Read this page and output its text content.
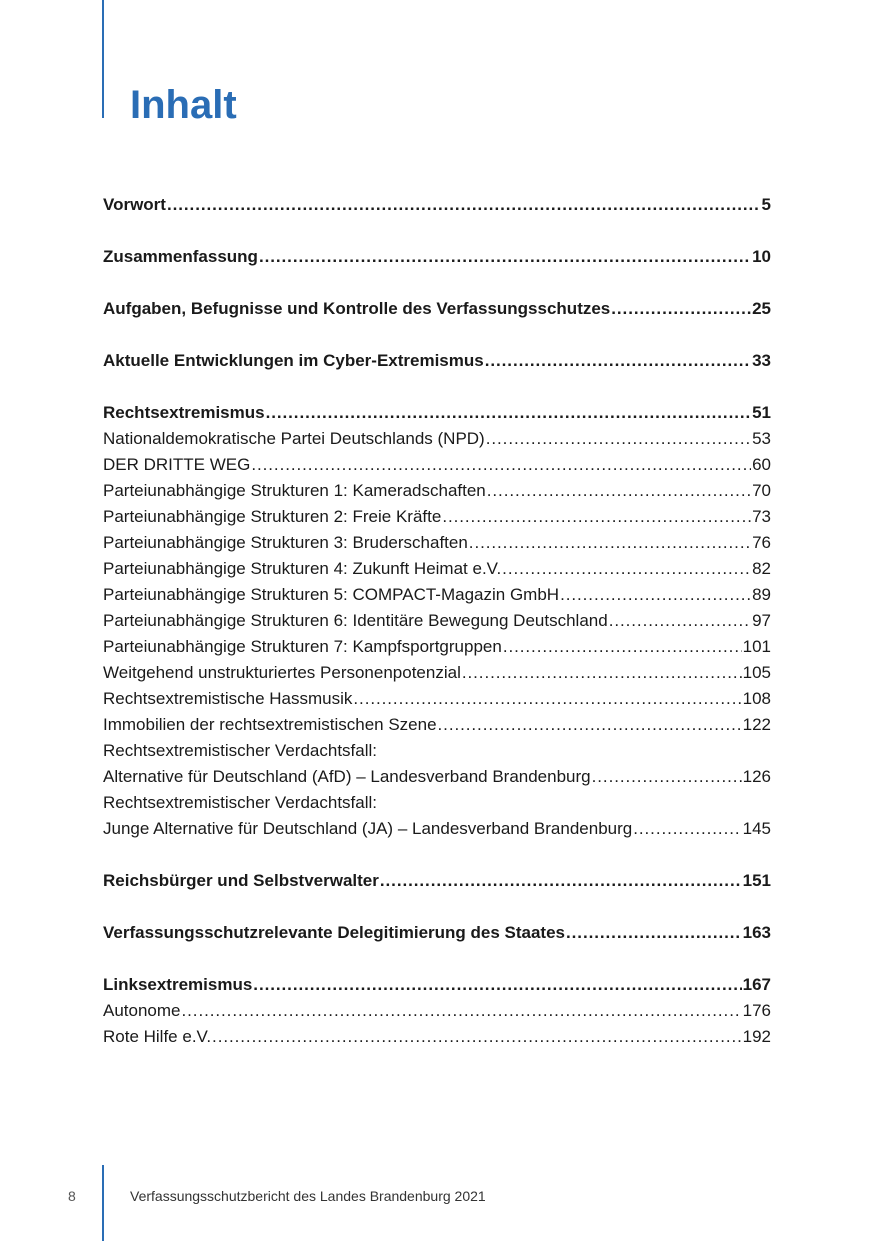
Inhalt
Vorwort . . .	5
Zusammenfassung . . .	10
Aufgaben, Befugnisse und Kontrolle des Verfassungsschutzes . . .	25
Aktuelle Entwicklungen im Cyber-Extremismus . . .	33
Rechtsextremismus . . .	51
Nationaldemokratische Partei Deutschlands (NPD) . . .	53
DER DRITTE WEG . . .	60
Parteiunabhängige Strukturen 1: Kameradschaften . . .	70
Parteiunabhängige Strukturen 2: Freie Kräfte . . .	73
Parteiunabhängige Strukturen 3: Bruderschaften . . .	76
Parteiunabhängige Strukturen 4: Zukunft Heimat e.V. . . .	82
Parteiunabhängige Strukturen 5: COMPACT-Magazin GmbH . . .	89
Parteiunabhängige Strukturen 6: Identitäre Bewegung Deutschland . . .	97
Parteiunabhängige Strukturen 7: Kampfsportgruppen . . .	101
Weitgehend unstrukturiertes Personenpotenzial . . .	105
Rechtsextremistische Hassmusik . . .	108
Immobilien der rechtsextremistischen Szene . . .	122
Rechtsextremistischer Verdachtsfall:
Alternative für Deutschland (AfD) – Landesverband Brandenburg . . .	126
Rechtsextremistischer Verdachtsfall:
Junge Alternative für Deutschland (JA) – Landesverband Brandenburg . . .	145
Reichsbürger und Selbstverwalter . . .	151
Verfassungsschutzrelevante Delegitimierung des Staates . . .	163
Linksextremismus . . .	167
Autonome . . .	176
Rote Hilfe e.V. . . .	192
8	Verfassungsschutzbericht des Landes Brandenburg 2021
